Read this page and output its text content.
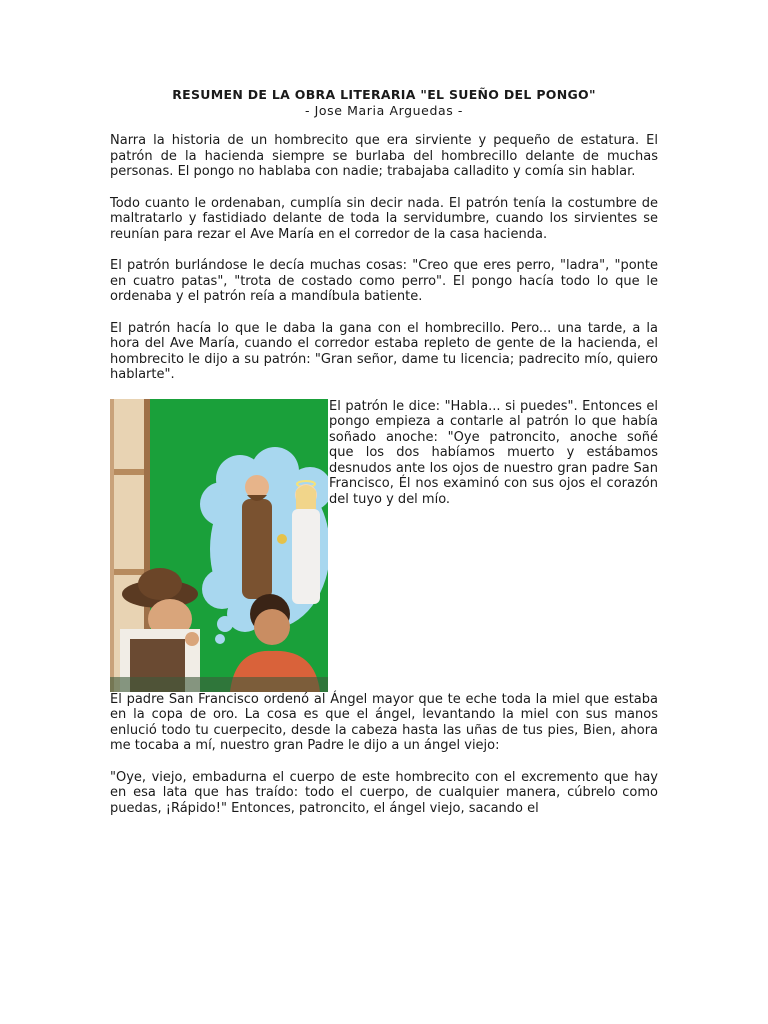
RESUMEN DE LA OBRA LITERARIA "EL SUEÑO DEL PONGO"
- Jose Maria Arguedas -

Narra la historia de un hombrecito que era sirviente y pequeño de estatura. El patrón de la hacienda siempre se burlaba del hombrecillo delante de muchas personas. El pongo no hablaba con nadie; trabajaba calladito y comía sin hablar.

Todo cuanto le ordenaban, cumplía sin decir nada. El patrón tenía la costumbre de maltratarlo y fastidiado delante de toda la servidumbre, cuando los sirvientes se reunían para rezar el Ave María en el corredor de la casa hacienda.

El patrón burlándose le decía muchas cosas: "Creo que eres perro, "ladra", "ponte en cuatro patas", "trota de costado como perro". El pongo hacía todo lo que le ordenaba y el patrón reía a mandíbula batiente.

El patrón hacía lo que le daba la gana con el hombrecillo. Pero... una tarde, a la hora del Ave María, cuando el corredor estaba repleto de gente de la hacienda, el hombrecito le dijo a su patrón: "Gran señor, dame tu licencia; padrecito mío, quiero hablarte".

El patrón le dice: "Habla... si puedes". Entonces el pongo empieza a contarle al patrón lo que había soñado anoche: "Oye patroncito, anoche soñé que los dos habíamos muerto y estábamos desnudos ante los ojos de nuestro gran padre San Francisco, Él nos examinó con sus ojos el corazón del tuyo y del mío.

El padre San Francisco ordenó al Ángel mayor que te eche toda la miel que estaba en la copa de oro. La cosa es que el ángel, levantando la miel con sus manos enlució todo tu cuerpecito, desde la cabeza hasta las uñas de tus pies, Bien, ahora me tocaba a mí, nuestro gran Padre le dijo a un ángel viejo:

"Oye, viejo, embadurna el cuerpo de este hombrecito con el excremento que hay en esa lata que has traído: todo el cuerpo, de cualquier manera, cúbrelo como puedas, ¡Rápido!" Entonces, patroncito, el ángel viejo, sacando el
